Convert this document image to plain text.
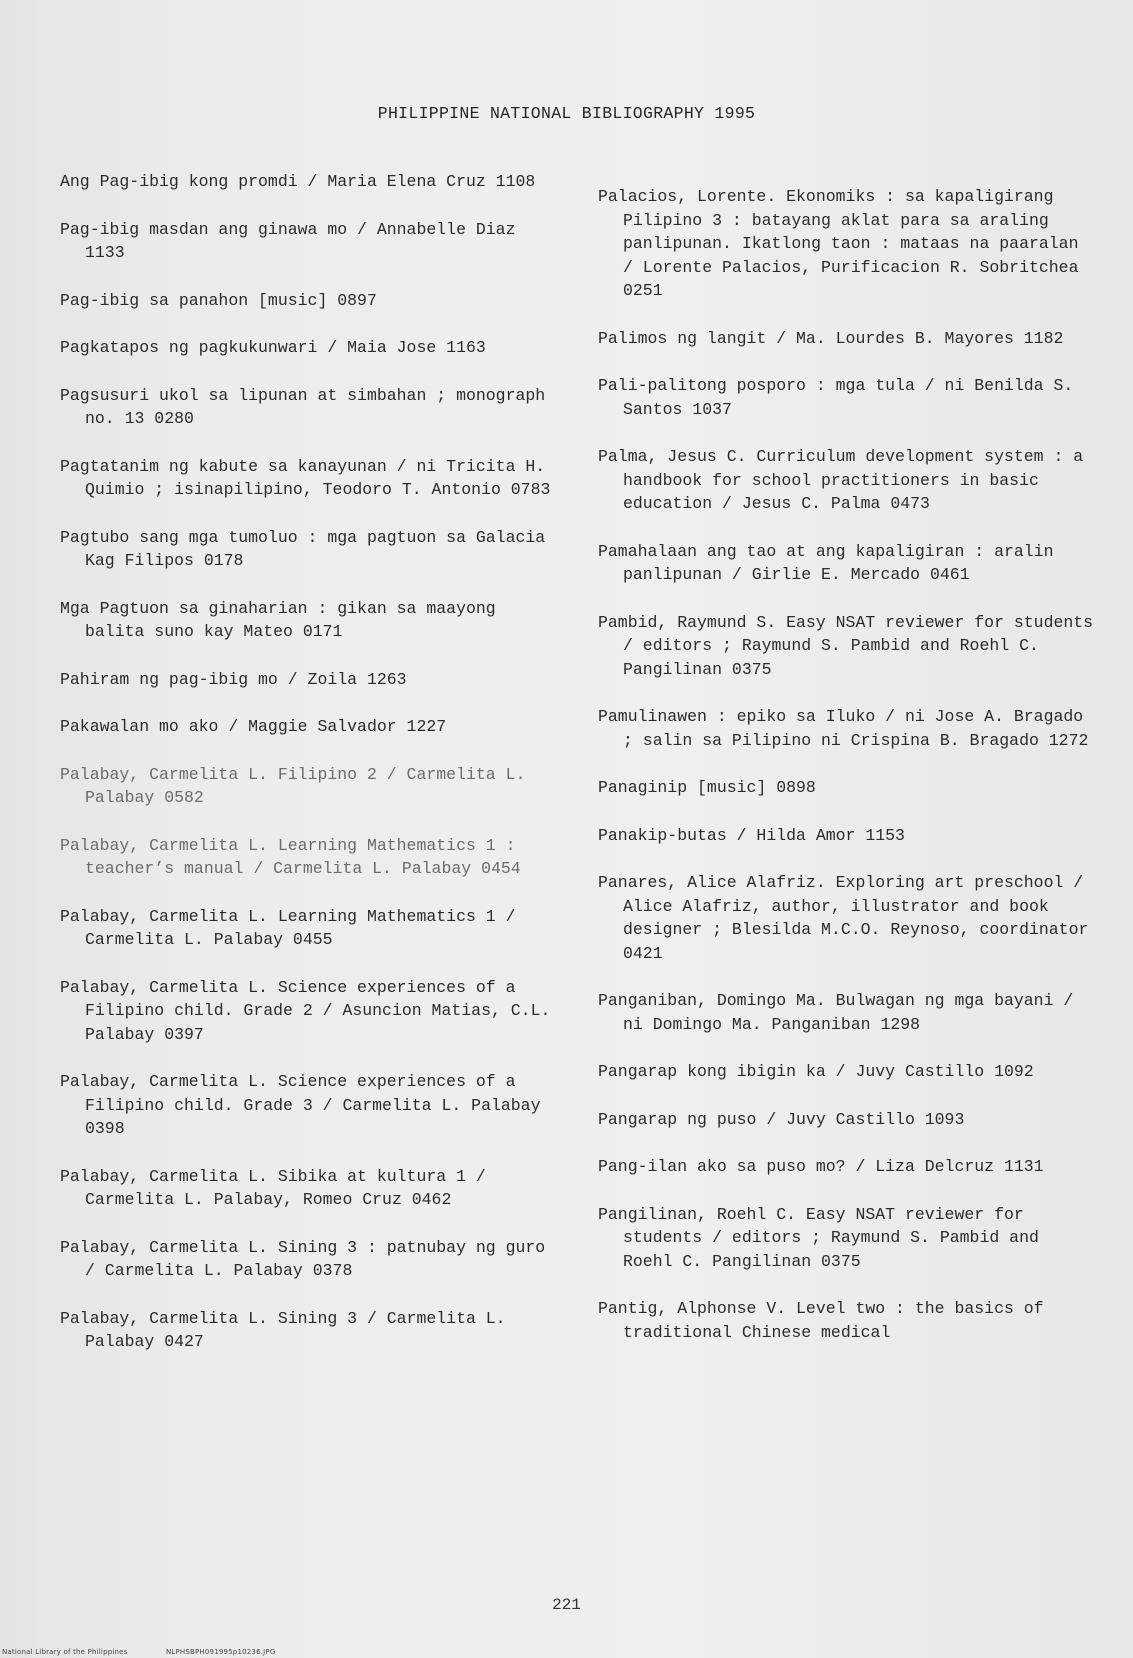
PHILIPPINE NATIONAL BIBLIOGRAPHY 1995

Ang Pag-ibig kong promdi / Maria Elena Cruz 1108

Pag-ibig masdan ang ginawa mo / Annabelle Diaz 1133

Pag-ibig sa panahon [music] 0897

Pagkatapos ng pagkukunwari / Maia Jose 1163

Pagsusuri ukol sa lipunan at simbahan ; monograph no. 13 0280

Pagtatanim ng kabute sa kanayunan / ni Tricita H. Quimio ; isinapilipino, Teodoro T. Antonio 0783

Pagtubo sang mga tumoluo : mga pagtuon sa Galacia Kag Filipos 0178

Mga Pagtuon sa ginaharian : gikan sa maayong balita suno kay Mateo 0171

Pahiram ng pag-ibig mo / Zoila 1263

Pakawalan mo ako / Maggie Salvador 1227

Palabay, Carmelita L. Filipino 2 / Carmelita L. Palabay 0582

Palabay, Carmelita L. Learning Mathematics 1 : teacher’s manual / Carmelita L. Palabay 0454

Palabay, Carmelita L. Learning Mathematics 1 / Carmelita L. Palabay 0455

Palabay, Carmelita L. Science experiences of a Filipino child. Grade 2 / Asuncion Matias, C.L. Palabay 0397

Palabay, Carmelita L. Science experiences of a Filipino child. Grade 3 / Carmelita L. Palabay 0398

Palabay, Carmelita L. Sibika at kultura 1 / Carmelita L. Palabay, Romeo Cruz 0462

Palabay, Carmelita L. Sining 3 : patnubay ng guro / Carmelita L. Palabay 0378

Palabay, Carmelita L. Sining 3 / Carmelita L. Palabay 0427

Palacios, Lorente. Ekonomiks : sa kapaligirang Pilipino 3 : batayang aklat para sa araling panlipunan. Ikatlong taon : mataas na paaralan / Lorente Palacios, Purificacion R. Sobritchea 0251

Palimos ng langit / Ma. Lourdes B. Mayores 1182

Pali-palitong posporo : mga tula / ni Benilda S. Santos 1037

Palma, Jesus C. Curriculum development system : a handbook for school practitioners in basic education / Jesus C. Palma 0473

Pamahalaan ang tao at ang kapaligiran : aralin panlipunan / Girlie E. Mercado 0461

Pambid, Raymund S. Easy NSAT reviewer for students / editors ; Raymund S. Pambid and Roehl C. Pangilinan 0375

Pamulinawen : epiko sa Iluko / ni Jose A. Bragado ; salin sa Pilipino ni Crispina B. Bragado 1272

Panaginip [music] 0898

Panakip-butas / Hilda Amor 1153

Panares, Alice Alafriz. Exploring art preschool / Alice Alafriz, author, illustrator and book designer ; Blesilda M.C.O. Reynoso, coordinator 0421

Panganiban, Domingo Ma. Bulwagan ng mga bayani / ni Domingo Ma. Panganiban 1298

Pangarap kong ibigin ka / Juvy Castillo 1092

Pangarap ng puso / Juvy Castillo 1093

Pang-ilan ako sa puso mo? / Liza Delcruz 1131

Pangilinan, Roehl C. Easy NSAT reviewer for students / editors ; Raymund S. Pambid and Roehl C. Pangilinan 0375

Pantig, Alphonse V. Level two : the basics of traditional Chinese medical

221
National Library of the Philippines	NLPHSBPH091995p10236.JPG
